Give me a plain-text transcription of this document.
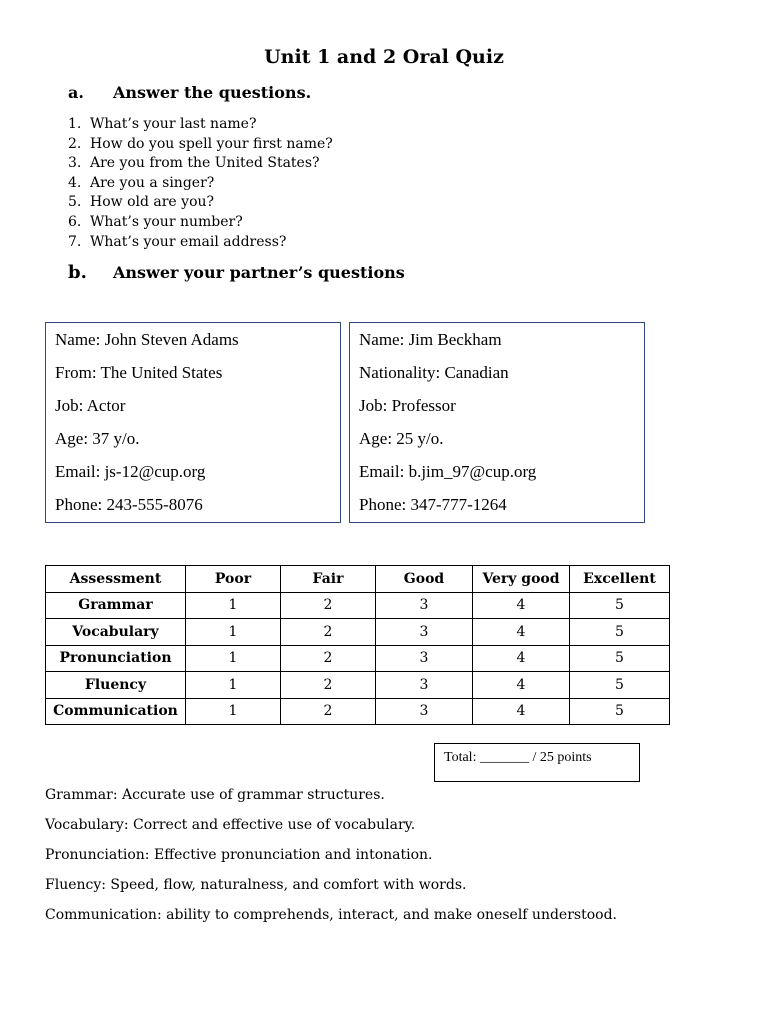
Unit 1 and 2 Oral Quiz
a. Answer the questions.
1. What’s your last name?
2. How do you spell your first name?
3. Are you from the United States?
4. Are you a singer?
5. How old are you?
6. What’s your number?
7. What’s your email address?
b. Answer your partner’s questions
Name: John Steven Adams
From: The United States
Job: Actor
Age: 37 y/o.
Email: js-12@cup.org
Phone: 243-555-8076
Name: Jim Beckham
Nationality: Canadian
Job: Professor
Age: 25 y/o.
Email: b.jim_97@cup.org
Phone: 347-777-1264
Assessment	Poor	Fair	Good	Very good	Excellent
Grammar	1	2	3	4	5
Vocabulary	1	2	3	4	5
Pronunciation	1	2	3	4	5
Fluency	1	2	3	4	5
Communication	1	2	3	4	5
Total: _______ / 25 points
Grammar: Accurate use of grammar structures.
Vocabulary: Correct and effective use of vocabulary.
Pronunciation: Effective pronunciation and intonation.
Fluency: Speed, flow, naturalness, and comfort with words.
Communication: ability to comprehends, interact, and make oneself understood.
